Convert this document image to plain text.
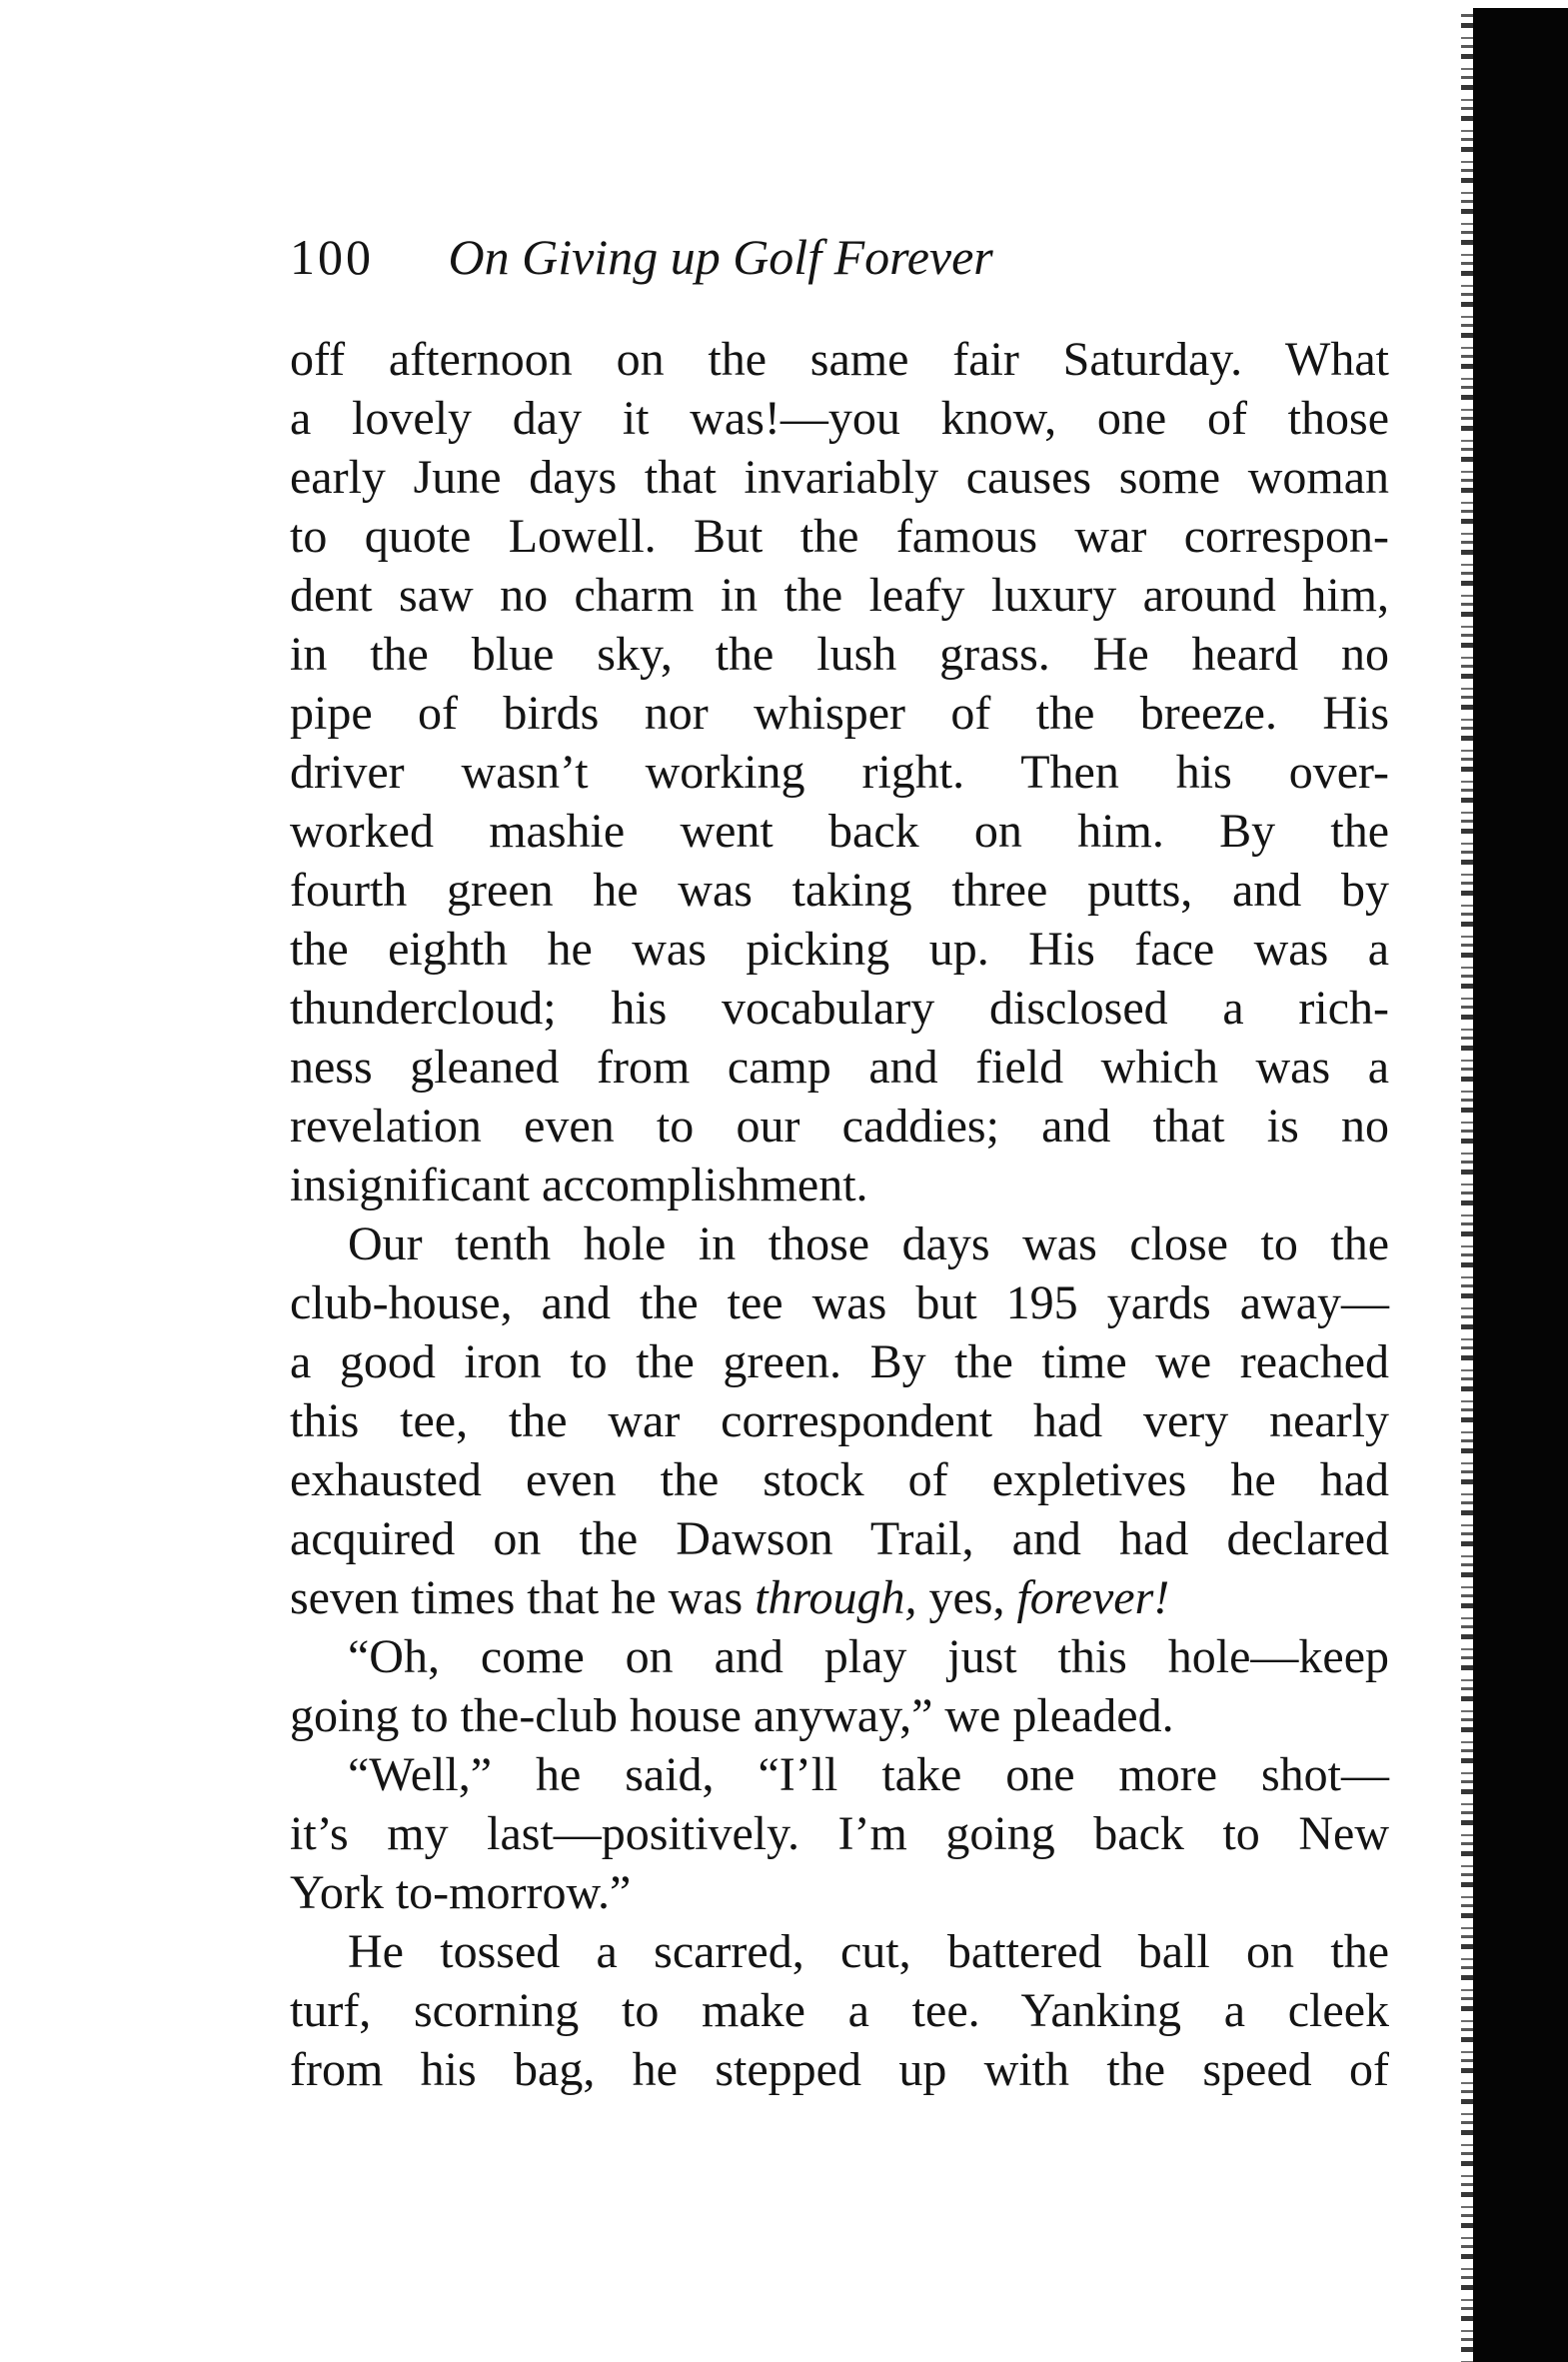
100 On Giving up Golf Forever
off afternoon on the same fair Saturday. What
a lovely day it was!—you know, one of those
early June days that invariably causes some woman
to quote Lowell. But the famous war correspon-
dent saw no charm in the leafy luxury around him,
in the blue sky, the lush grass. He heard no
pipe of birds nor whisper of the breeze. His
driver wasn’t working right. Then his over-
worked mashie went back on him. By the
fourth green he was taking three putts, and by
the eighth he was picking up. His face was a
thundercloud; his vocabulary disclosed a rich-
ness gleaned from camp and field which was a
revelation even to our caddies; and that is no
insignificant accomplishment.
Our tenth hole in those days was close to the
club-house, and the tee was but 195 yards away—
a good iron to the green. By the time we reached
this tee, the war correspondent had very nearly
exhausted even the stock of expletives he had
acquired on the Dawson Trail, and had declared
seven times that he was through, yes, forever!
“Oh, come on and play just this hole—keep
going to the-club house anyway,” we pleaded.
“Well,” he said, “I’ll take one more shot—
it’s my last—positively. I’m going back to New
York to-morrow.”
He tossed a scarred, cut, battered ball on the
turf, scorning to make a tee. Yanking a cleek
from his bag, he stepped up with the speed of
